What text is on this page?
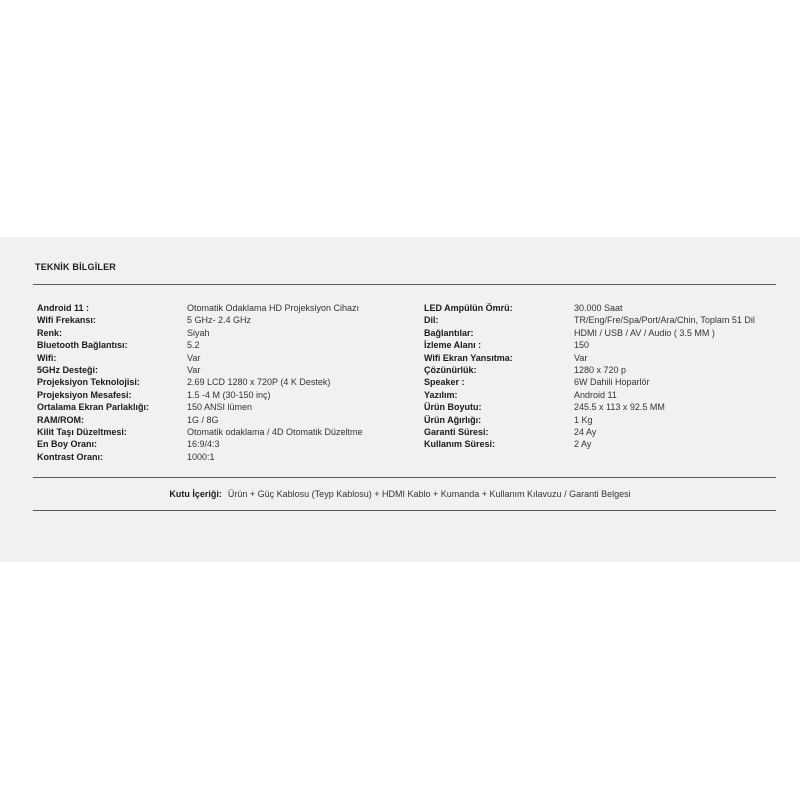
TEKNİK BİLGİLER
Android 11 :	Otomatik Odaklama HD Projeksiyon Cihazı
Wifi Frekansı:	5 GHz- 2.4 GHz
Renk:	Siyah
Bluetooth Bağlantısı:	5.2
Wifi:	Var
5GHz Desteği:	Var
Projeksiyon Teknolojisi:	2.69 LCD 1280 x 720P (4 K Destek)
Projeksiyon Mesafesi:	1.5 -4 M (30-150 inç)
Ortalama Ekran Parlaklığı:	150 ANSI lümen
RAM/ROM:	1G / 8G
Kilit Taşı Düzeltmesi:	Otomatik odaklama / 4D Otomatik Düzeltme
En Boy Oranı:	16:9/4:3
Kontrast Oranı:	1000:1
LED Ampülün Ömrü:	30.000 Saat
Dil:	TR/Eng/Fre/Spa/Port/Ara/Chin, Toplam 51 Dil
Bağlantılar:	HDMI / USB / AV / Audio ( 3.5 MM )
İzleme Alanı :	150
Wifi Ekran Yansıtma:	Var
Çözünürlük:	1280 x 720 p
Speaker :	6W Dahili Hoparlör
Yazılım:	Android 11
Ürün Boyutu:	245.5 x 113 x 92.5 MM
Ürün Ağırlığı:	1 Kg
Garanti Süresi:	24 Ay
Kullanım Süresi:	2 Ay
Kutu İçeriği: Ürün + Güç Kablosu (Teyp Kablosu) + HDMI Kablo + Kumanda + Kullanım Kılavuzu / Garanti Belgesi
